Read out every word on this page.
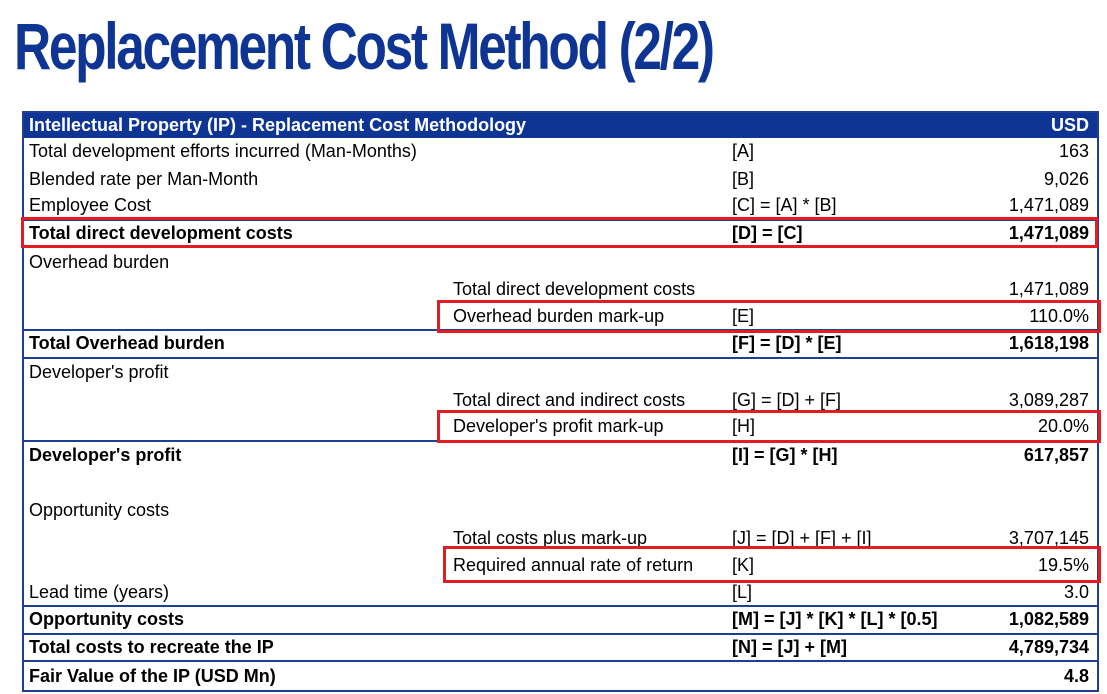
Replacement Cost Method (2/2)
Intellectual Property (IP) - Replacement Cost Methodology	USD
Total development efforts incurred (Man-Months)	[A]	163
Blended rate per Man-Month	[B]	9,026
Employee Cost	[C] = [A] * [B]	1,471,089
Total direct development costs	[D] = [C]	1,471,089
Overhead burden
Total direct development costs	1,471,089
Overhead burden mark-up	[E]	110.0%
Total Overhead burden	[F] = [D] * [E]	1,618,198
Developer's profit
Total direct and indirect costs	[G] = [D] + [F]	3,089,287
Developer's profit mark-up	[H]	20.0%
Developer's profit	[I] = [G] * [H]	617,857
Opportunity costs
Total costs plus mark-up	[J] = [D] + [F] + [I]	3,707,145
Required annual rate of return [K]	19.5%
Lead time (years)	[L]	3.0
Opportunity costs	[M] = [J] * [K] * [L] * [0.5]	1,082,589
Total costs to recreate the IP	[N] = [J] + [M]	4,789,734
Fair Value of the IP (USD Mn)	4.8
